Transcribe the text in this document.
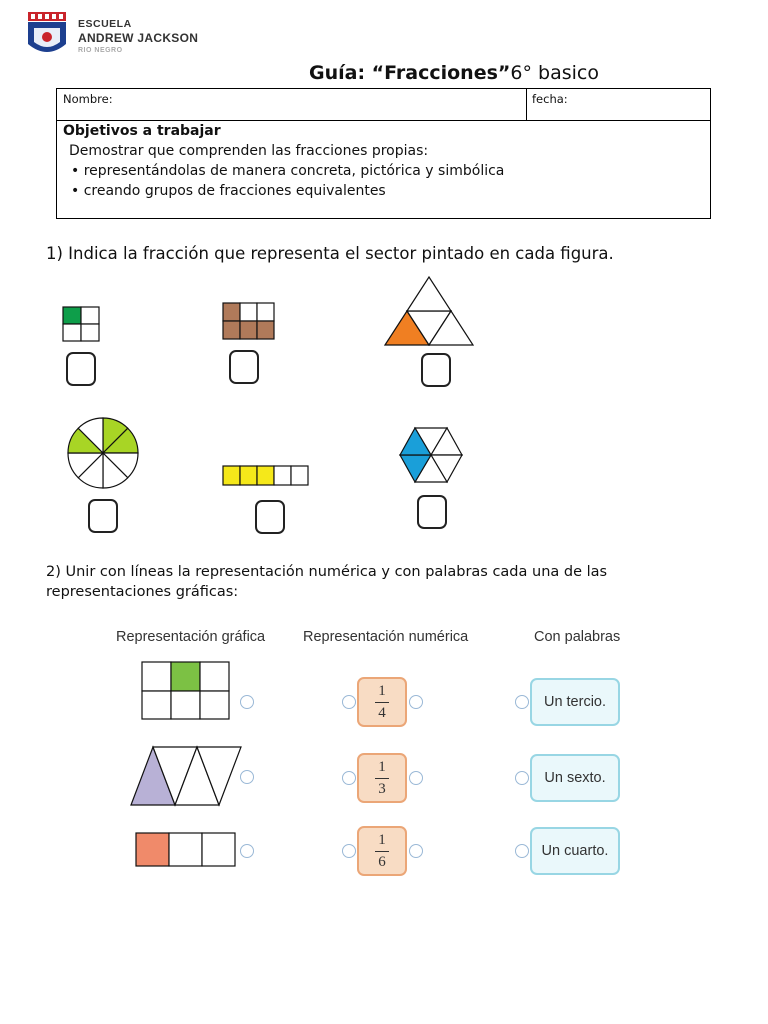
ESCUELA
ANDREW JACKSON
RIO NEGRO
Guía: “Fracciones”6° basico
Nombre:	fecha:
Objetivos a trabajar
Demostrar que comprenden las fracciones propias:
• representándolas de manera concreta, pictórica y simbólica
• creando grupos de fracciones equivalentes
1) Indica la fracción que representa el sector pintado en cada figura.
2) Unir con líneas la representación numérica y con palabras cada una de las representaciones gráficas:
Representación gráfica	Representación numérica	Con palabras
1
4
1
3
1
6
Un tercio.
Un sexto.
Un cuarto.
